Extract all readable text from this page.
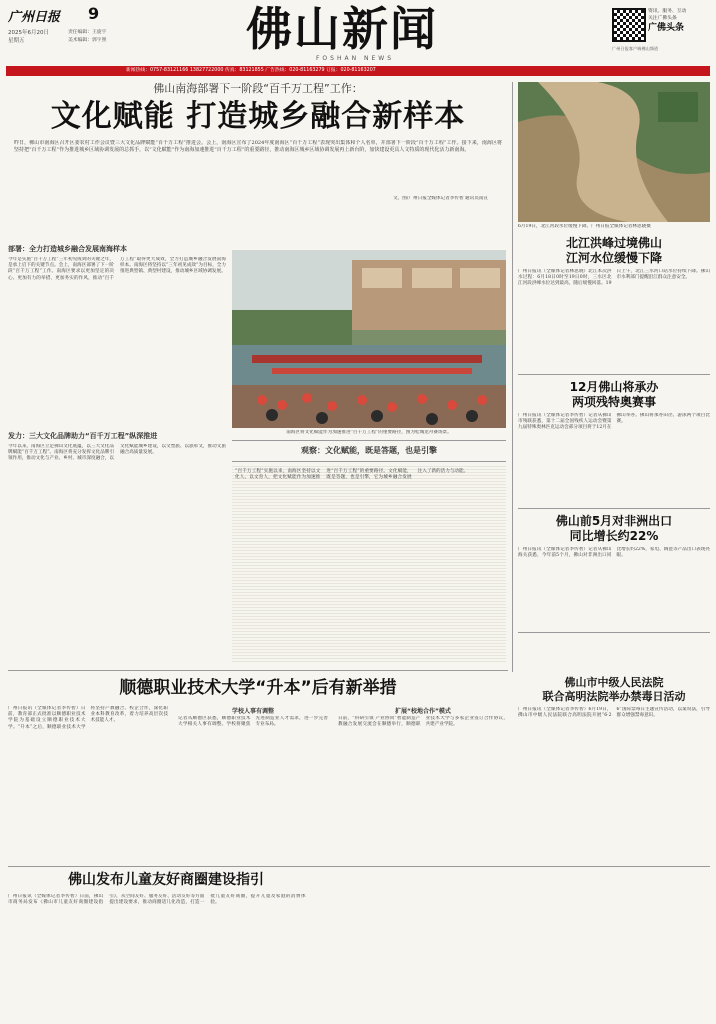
广州日报	9
2025年6月20日
星期五
责任编辑：王旋宇
美术编辑：郭宇照	佛山新闻
FOSHAN NEWS
资讯、服务、互动
关注广佛头条
广佛头条
广州日报客户端佛山频道
新闻热线：0757-83121166 13827722000 传真：83121855 广告热线：020-81163279 订报：020-81163207
佛山南海部署下一阶段“百千万工程”工作：
文化赋能 打造城乡融合新样本
昨日，佛山市南海区召开区委农村工作会议暨三大文化品牌赋能“百千万工程”推进会。会上，南海区宣布了2024年度南海区“百千万工程”表现突出集体和个人名单，并部署下一阶段“百千万工程”工作。接下来，南海区将坚持把“百千万工程”作为推进城乡区域协调发展的总抓手，以“文化赋能”作为南海加速推进“百千万工程”的重要路径，推动南海区城乡区域协调发展再上新台阶，加快建设更具人文特质的现代化活力新南海。
文、图/广州日报全媒体记者李传智 通讯员南宣
部署：全力打造城乡融合发展南海样本
今年是实施“百千万工程”三年初见成效的关键之年，是承上启下的关键节点。会上，南海区部署了下一阶段“百千万工程”工作。南海区要求以更加坚定的决心、更加有力的举措、更加务实的作风，推动“百千万工程”取得更大成效，全力打造城乡融合发展南海样本。南海区将坚持以“三年初见成效”为目标，全力推进典型镇、典型村建设，推动城乡区域协调发展。
发力：三大文化品牌助力“百千万工程”纵深推进
今年以来，南海区立足佛山文化底蕴，以三大文化品牌赋能“百千万工程”。南海区将充分发挥文化品牌引领作用，推动文化与产业、乡村、城市深度融合，以文化赋能城乡建设，以文塑旅、以旅彰文，推动文旅融合高质量发展。
南海区将文化赋能作为加速推进“百千万工程”的重要路径，图为桂城龙舟赛场景。
观察：文化赋能，既是答题，也是引擎
“百千万工程”实施以来，南海区坚持以文化人、以文育人，把文化赋能作为加速推进“百千万工程”的重要路径。文化赋能，既是答题，也是引擎，它为城乡融合发展注入了新的活力与动能。
6月19日，北江河段水位缓慢下降。广州日报全媒体记者林思晓摄
北江洪峰过境佛山
江河水位缓慢下降
广州日报讯（全媒体记者林思晓）北江本次洪水过程：6月18日0时至19日0时，三水区北江河段洪峰水位达到最高，随后缓慢回落。19日上午，北江三水河口站水位持续下降。佛山市水利部门提醒沿江群众注意安全。
12月佛山将承办
两项残特奥赛事
广州日报讯（全媒体记者李传智）记者从佛山市残联获悉，第十二届全国残疾人运动会暨第九届特殊奥林匹克运动会部分项目将于12月在佛山举办。佛山将承办田径、游泳两个项目比赛。
佛山前5月对非洲出口
同比增长约22%
广州日报讯（全媒体记者李传智）记者从佛山海关获悉，今年前5个月，佛山对非洲出口同比增长约22%，家电、陶瓷等产品出口表现亮眼。
佛山市中级人民法院
联合高明法院举办禁毒日活动
广州日报讯（全媒体记者李传智）6月19日，佛山市中级人民法院联合高明法院开展“6·26”国际禁毒日主题宣传活动，以案说法，引导群众增强禁毒意识。
顺德职业技术大学“升本”后有新举措
广州日报讯（全媒体记者李传智）日前，教育部正式批准以顺德职业技术学院为基础设立顺德职业技术大学。“升本”之后，顺德职业技术大学将坚持产教融合、校企合作，深化职业本科教育改革，着力培养高层次技术技能人才。
学校人事有调整
记者从顺德区获悉，顺德职业技术大学相关人事有调整。学校将聚焦先进制造业人才需求，进一步完善专业布局。
扩展“校地合作”模式
日前，“科研引领 产业协同”智能制造产教融合发展交流会在顺德举行，顺德职业技术大学与多家企业签订合作协议，共建产业学院。
佛山发布儿童友好商圈建设指引
广州日报讯（全媒体记者李传智）日前，佛山市商务局发布《佛山市儿童友好商圈建设指引》，从空间友好、服务友好、活动友好等方面提出建设要求，推动商圈适儿化改造，打造一批儿童友好商圈，提升儿童及家庭的消费体验。
